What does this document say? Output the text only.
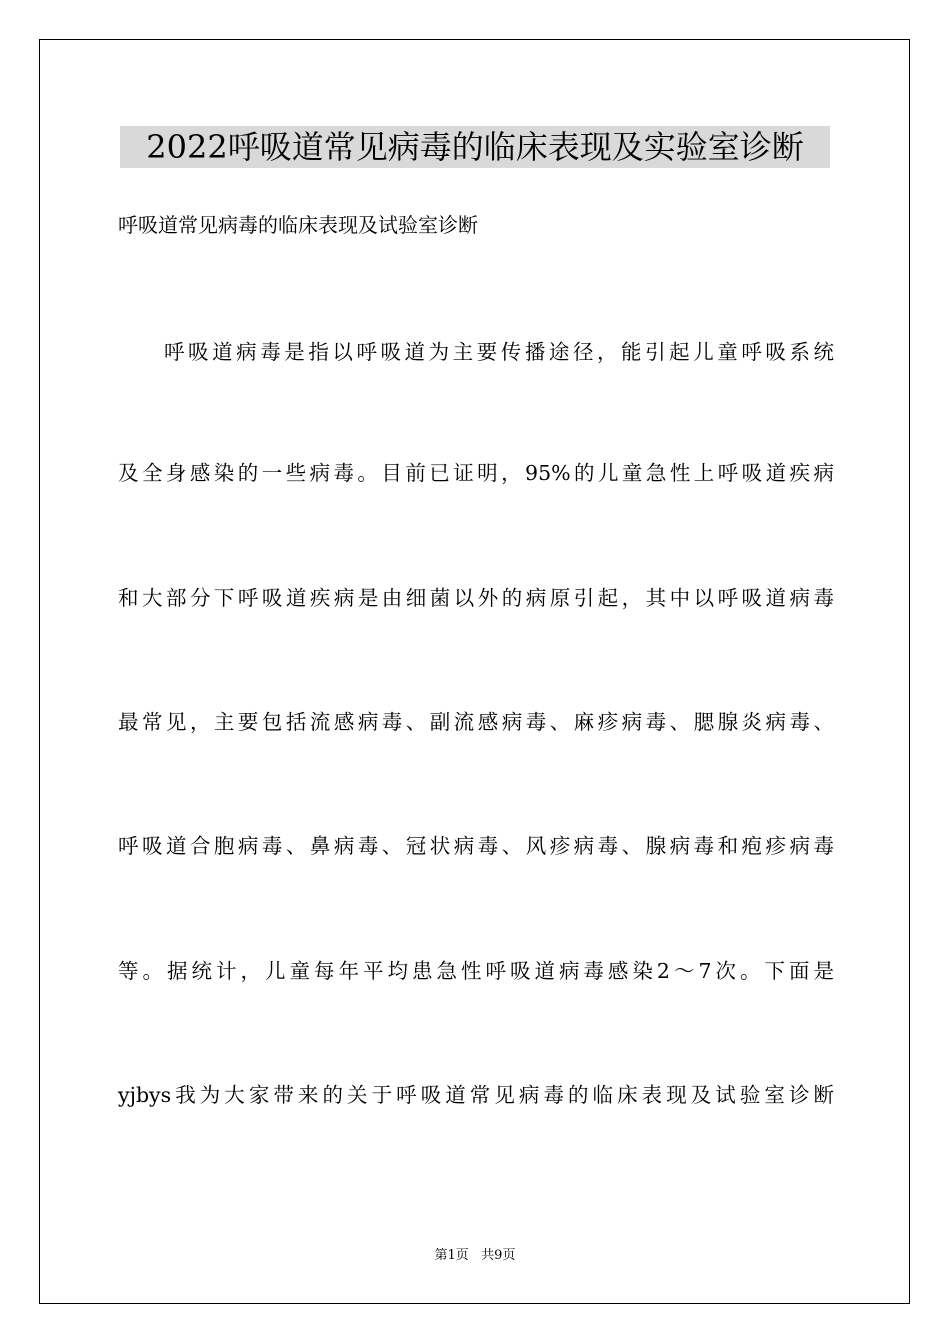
2022呼吸道常见病毒的临床表现及实验室诊断
呼吸道常见病毒的临床表现及试验室诊断
呼吸道病毒是指以呼吸道为主要传播途径，能引起儿童呼吸系统
及全身感染的一些病毒。目前已证明，95%的儿童急性上呼吸道疾病
和大部分下呼吸道疾病是由细菌以外的病原引起，其中以呼吸道病毒
最常见，主要包括流感病毒、副流感病毒、麻疹病毒、腮腺炎病毒、
呼吸道合胞病毒、鼻病毒、冠状病毒、风疹病毒、腺病毒和疱疹病毒
等。据统计，儿童每年平均患急性呼吸道病毒感染2～7次。下面是
yjbys我为大家带来的关于呼吸道常见病毒的临床表现及试验室诊断
第1页   共9页
